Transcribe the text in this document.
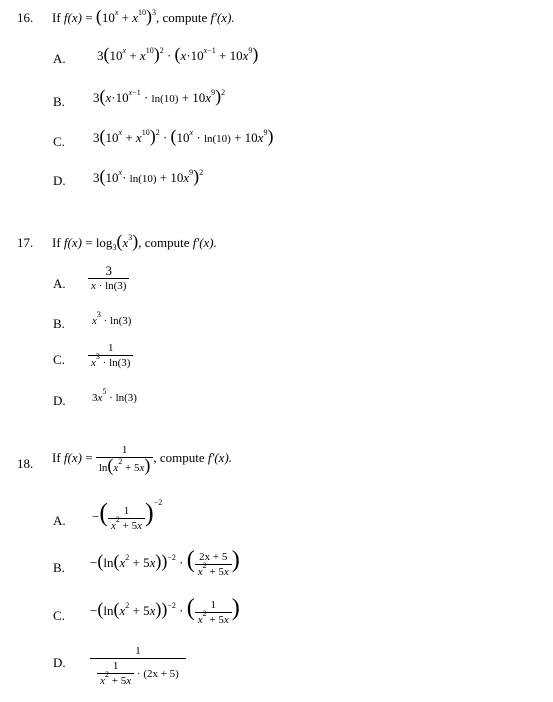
16. If $f(x) = (10^x + x^{10})^3$, compute f′(x).
A. $3(10^x + x^{10})^2 \cdot (x\cdot 10^{x-1} + 10x^9)$
B. $3(x\cdot 10^{x-1} \cdot \ln(10) + 10x^9)^2$
C. $3(10^x + x^{10})^2 \cdot (10^x \cdot \ln(10) + 10x^9)$
D. $3(10^x\cdot \ln(10) + 10x^9)^2$
17. If $f(x) = \log_3(x^3)$, compute f′(x).
A. $\frac{3}{x \cdot \ln(3)}$
B. $x^3 \cdot \ln(3)$
C. $\frac{1}{x^3 \cdot \ln(3)}$
D. $3x^5 \cdot \ln(3)$
18. If $f(x) = \frac{1}{\ln(x^2 + 5x)}$ , compute f′(x).
A. −( $\frac{1}{x^2 + 5x} )^{-2}$
B. $-(\ln(x^2 + 5x))^{-2}$ · ( $\frac{2x + 5}{x^2 + 5x}$ )
C. $-(\ln(x^2 + 5x))^{-2}$ · ( $\frac{1}{x^2 + 5x}$ )
D. $\frac{1}{\frac{1}{x^2 + 5x} \cdot (2x + 5)}$
